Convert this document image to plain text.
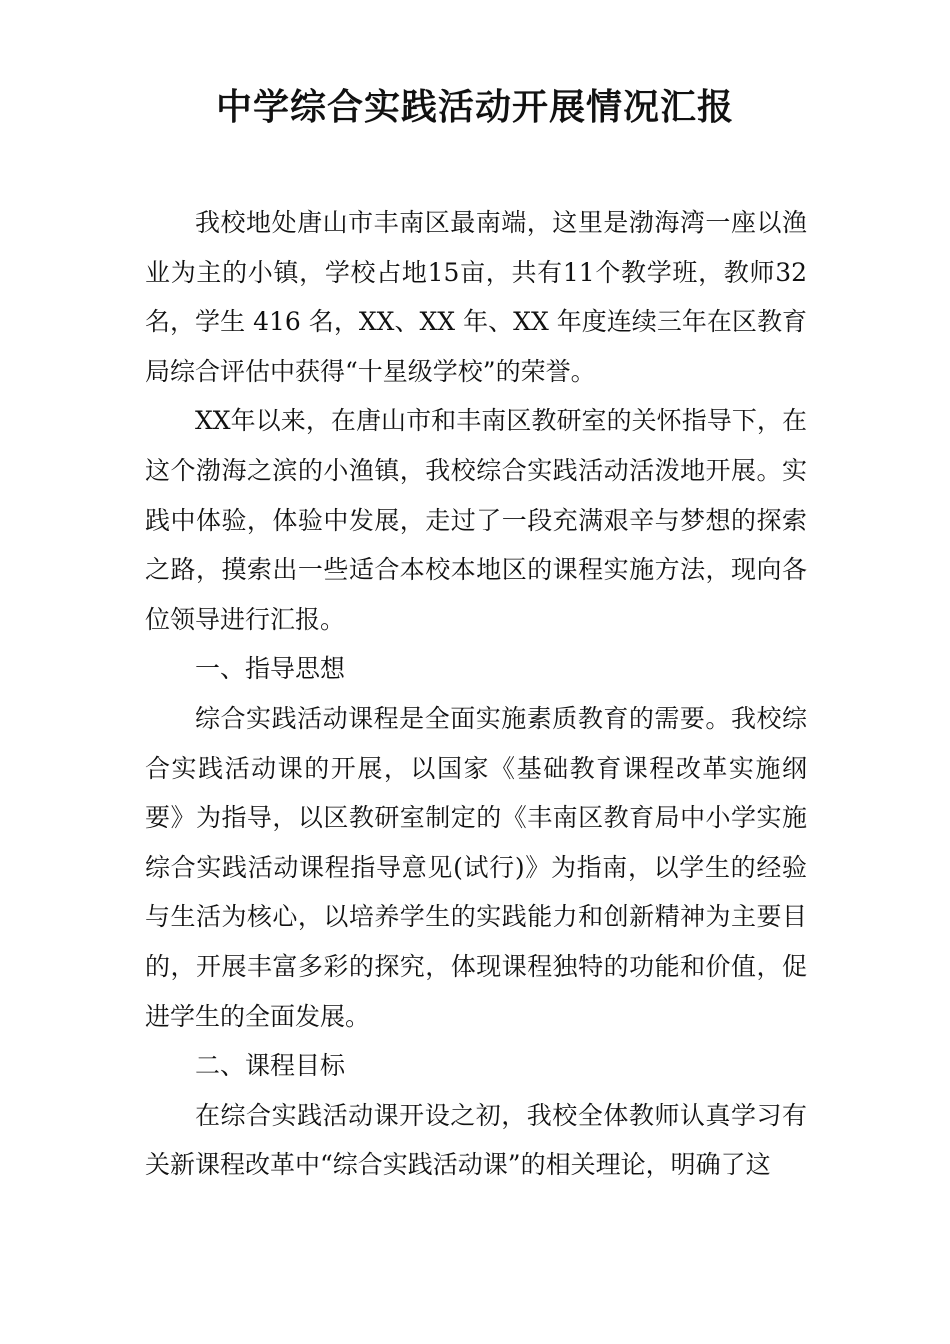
中学综合实践活动开展情况汇报

我校地处唐山市丰南区最南端，这里是渤海湾一座以渔业为主的小镇，学校占地15亩，共有11个教学班，教师32名，学生 416 名，XX、XX 年、XX 年度连续三年在区教育局综合评估中获得“十星级学校”的荣誉。

XX年以来，在唐山市和丰南区教研室的关怀指导下，在这个渤海之滨的小渔镇，我校综合实践活动活泼地开展。实践中体验，体验中发展，走过了一段充满艰辛与梦想的探索之路，摸索出一些适合本校本地区的课程实施方法，现向各位领导进行汇报。

一、指导思想

综合实践活动课程是全面实施素质教育的需要。我校综合实践活动课的开展，以国家《基础教育课程改革实施纲要》为指导，以区教研室制定的《丰南区教育局中小学实施综合实践活动课程指导意见(试行)》为指南，以学生的经验与生活为核心，以培养学生的实践能力和创新精神为主要目的，开展丰富多彩的探究，体现课程独特的功能和价值，促进学生的全面发展。

二、课程目标

在综合实践活动课开设之初，我校全体教师认真学习有关新课程改革中“综合实践活动课”的相关理论，明确了这
